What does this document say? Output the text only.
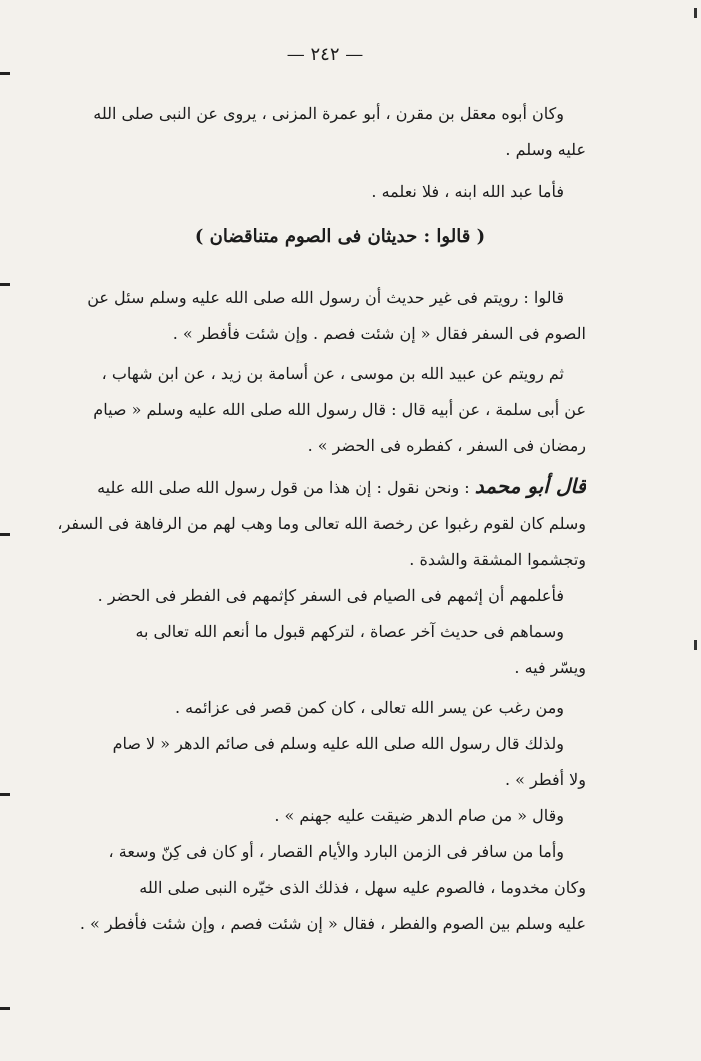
— ٢٤٢ —
وكان أبوه معقل بن مقرن ، أبو عمرة المزنى ، يروى عن النبى صلى الله
عليه وسلم .
فأما عبد الله ابنه ، فلا نعلمه .
( قالوا : حديثان فى الصوم متناقضان )
قالوا : رويتم فى غير حديث أن رسول الله صلى الله عليه وسلم سئل عن
الصوم فى السفر فقال « إن شئت فصم . وإن شئت فأفطر » .
ثم رويتم عن عبيد الله بن موسى ، عن أسامة بن زيد ، عن ابن شهاب ،
عن أبى سلمة ، عن أبيه قال : قال رسول الله صلى الله عليه وسلم « صيام
رمضان فى السفر ، كفطره فى الحضر » .
قال أبو محمد : ونحن نقول : إن هذا من قول رسول الله صلى الله عليه
وسلم كان لقوم رغبوا عن رخصة الله تعالى وما وهب لهم من الرفاهة فى السفر،
وتجشموا المشقة والشدة .
فأعلمهم أن إثمهم فى الصيام فى السفر كإثمهم فى الفطر فى الحضر .
وسماهم فى حديث آخر عصاة ، لتركهم قبول ما أنعم الله تعالى به
ويسّر فيه .
ومن رغب عن يسر الله تعالى ، كان كمن قصر فى عزائمه .
ولذلك قال رسول الله صلى الله عليه وسلم فى صائم الدهر « لا صام
ولا أفطر » .
وقال « من صام الدهر ضيقت عليه جهنم » .
وأما من سافر فى الزمن البارد والأيام القصار ، أو كان فى كِنّ وسعة ،
وكان مخدوما ، فالصوم عليه سهل ، فذلك الذى خيّره النبى صلى الله
عليه وسلم بين الصوم والفطر ، فقال « إن شئت فصم ، وإن شئت فأفطر » .
